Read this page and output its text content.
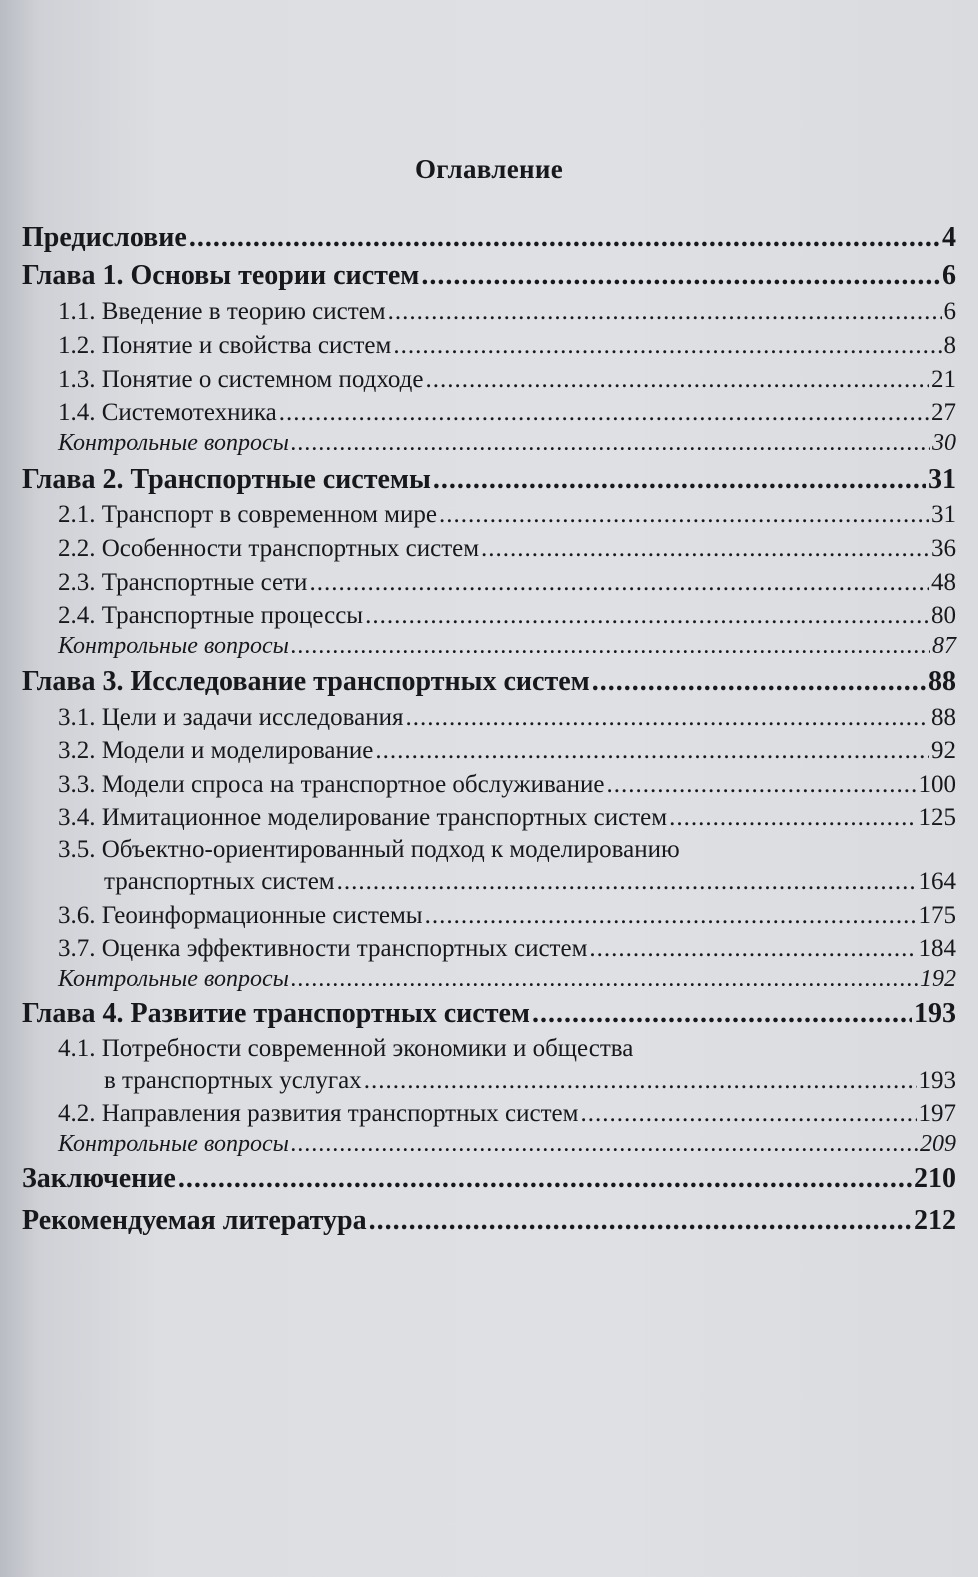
Оглавление
Предисловие .....	4
Глава 1. Основы теории систем .....	6
1.1. Введение в теорию систем .....	6
1.2. Понятие и свойства систем .....	8
1.3. Понятие о системном подходе .....	21
1.4. Системотехника .....	27
Контрольные вопросы .....	30
Глава 2. Транспортные системы .....	31
2.1. Транспорт в современном мире .....	31
2.2. Особенности транспортных систем .....	36
2.3. Транспортные сети .....	48
2.4. Транспортные процессы .....	80
Контрольные вопросы .....	87
Глава 3. Исследование транспортных систем .....	88
3.1. Цели и задачи исследования .....	88
3.2. Модели и моделирование .....	92
3.3. Модели спроса на транспортное обслуживание .....	100
3.4. Имитационное моделирование транспортных систем .....	125
3.5. Объектно-ориентированный подход к моделированию
транспортных систем .....	164
3.6. Геоинформационные системы .....	175
3.7. Оценка эффективности транспортных систем .....	184
Контрольные вопросы .....	192
Глава 4. Развитие транспортных систем .....	193
4.1. Потребности современной экономики и общества
в транспортных услугах .....	193
4.2. Направления развития транспортных систем .....	197
Контрольные вопросы .....	209
Заключение .....	210
Рекомендуемая литература .....	212
